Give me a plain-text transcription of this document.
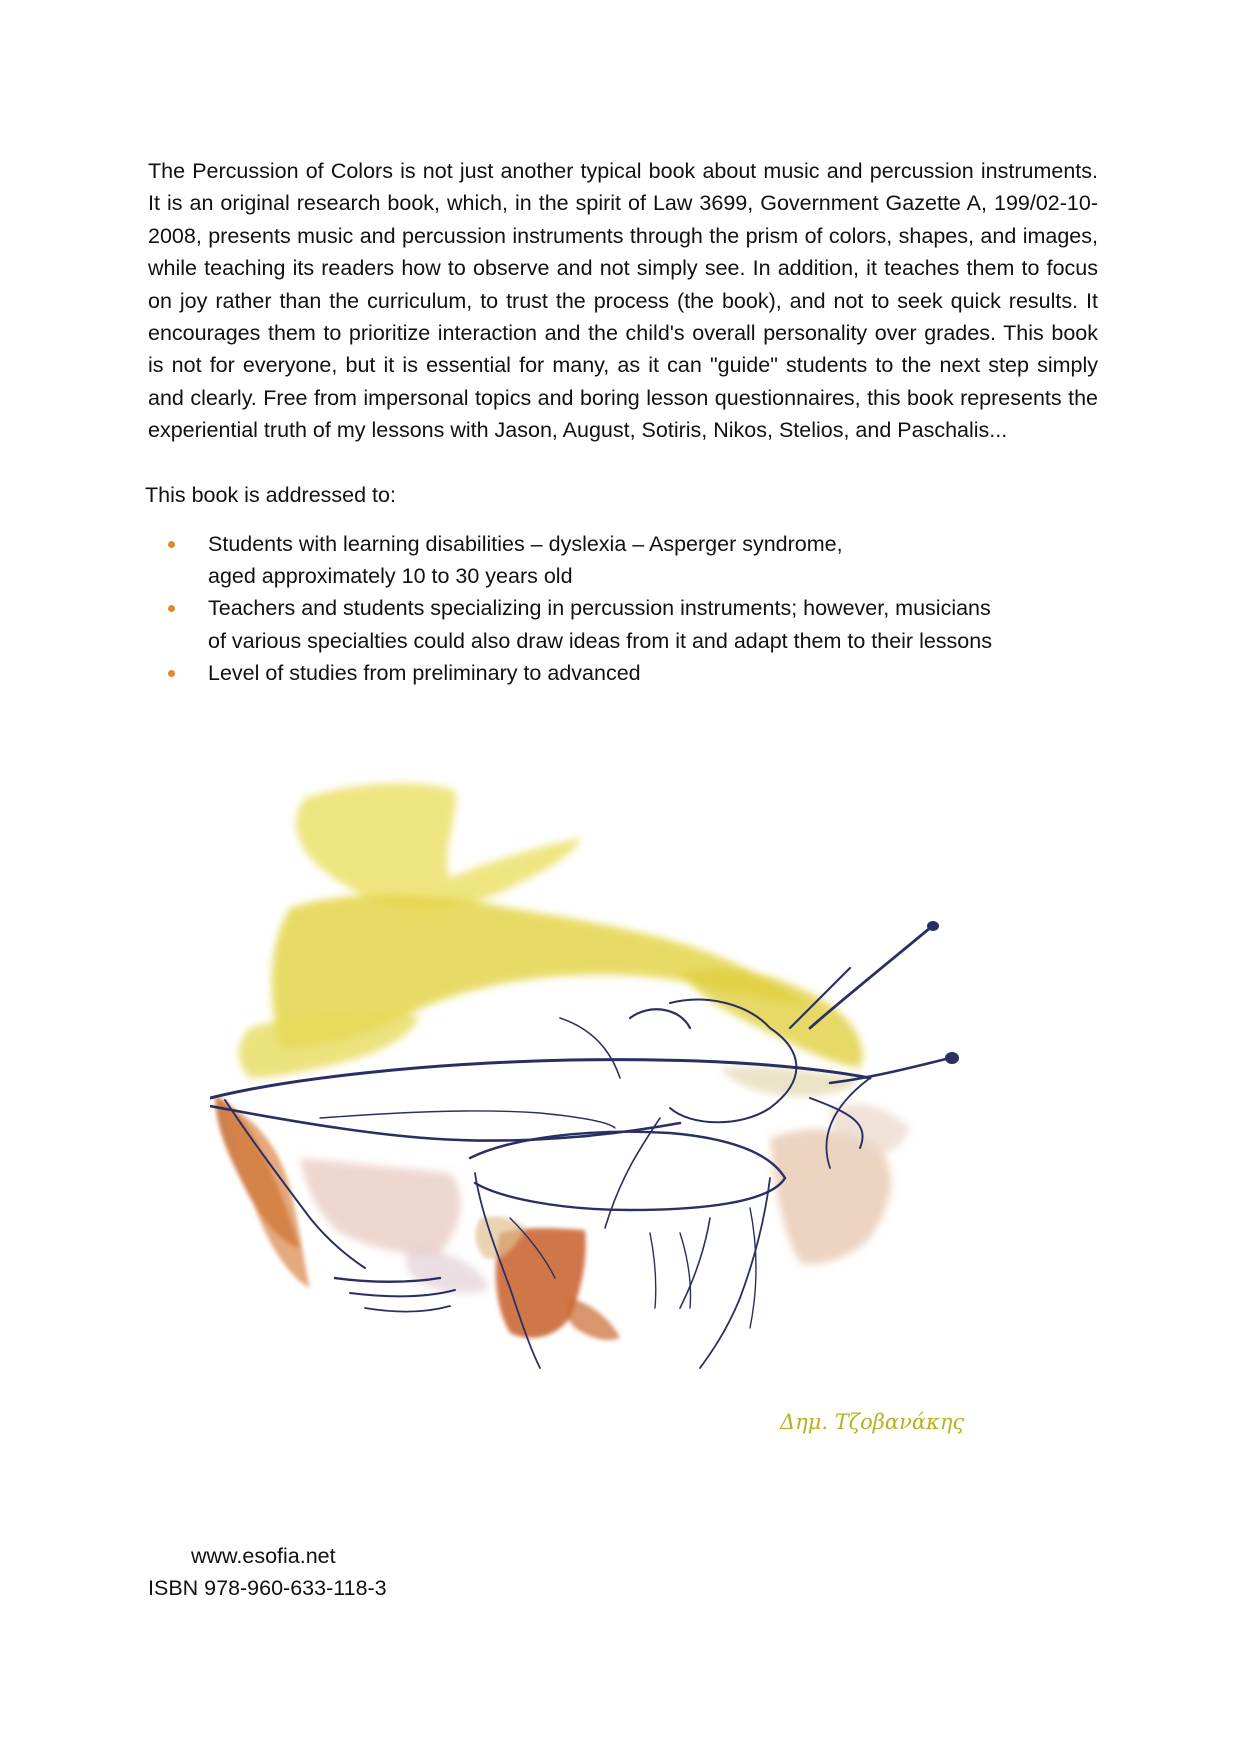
The Percussion of Colors is not just another typical book about music and percussion instruments. It is an original research book, which, in the spirit of Law 3699, Government Gazette A, 199/02-10-2008, presents music and percussion instruments through the prism of colors, shapes, and images, while teaching its readers how to observe and not simply see. In addition, it teaches them to focus on joy rather than the curriculum, to trust the process (the book), and not to seek quick results. It encourages them to prioritize interaction and the child's overall personality over grades. This book is not for everyone, but it is essential for many, as it can "guide" students to the next step simply and clearly. Free from impersonal topics and boring lesson questionnaires, this book represents the experiential truth of my lessons with Jason, August, Sotiris, Nikos, Stelios, and Paschalis...

This book is addressed to:

Students with learning disabilities – dyslexia – Asperger syndrome,
aged approximately 10 to 30 years old
Teachers and students specializing in percussion instruments; however, musicians
of various specialties could also draw ideas from it and adapt them to their lessons
Level of studies from preliminary to advanced
Δημ. Τζοβανάκης
www.esofia.net
ISBN 978-960-633-118-3
